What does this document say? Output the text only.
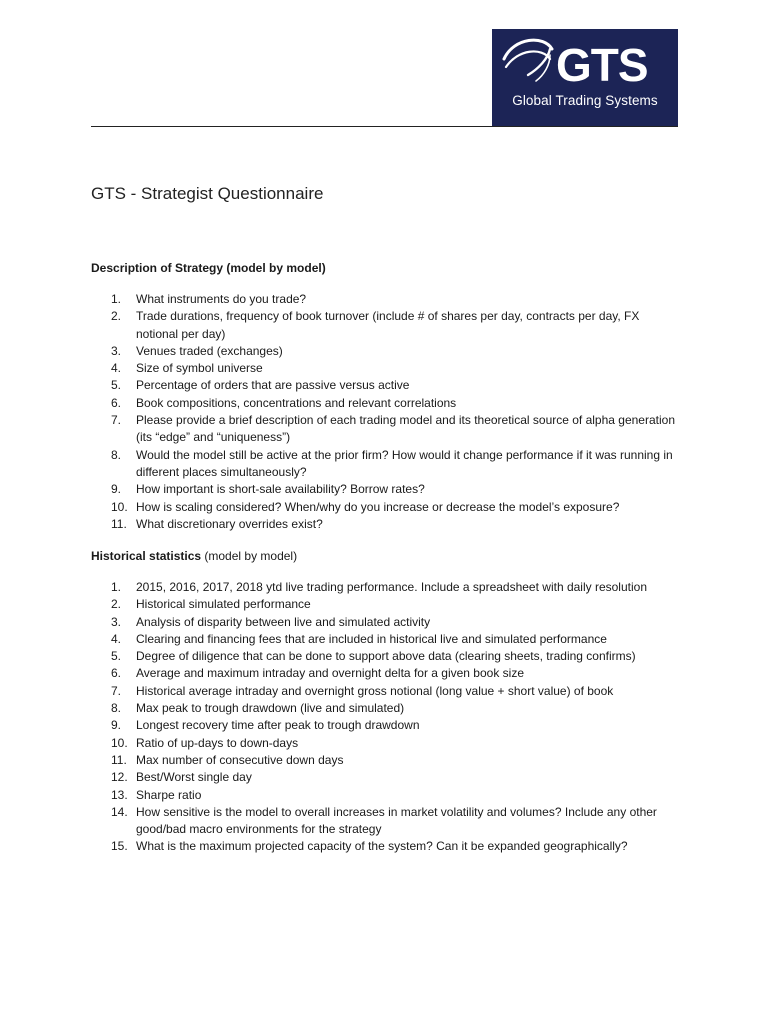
GTS
Global Trading Systems
GTS - Strategist Questionnaire

Description of Strategy (model by model)

1. What instruments do you trade?
2. Trade durations, frequency of book turnover (include # of shares per day, contracts per day, FX notional per day)
3. Venues traded (exchanges)
4. Size of symbol universe
5. Percentage of orders that are passive versus active
6. Book compositions, concentrations and relevant correlations
7. Please provide a brief description of each trading model and its theoretical source of alpha generation (its “edge” and “uniqueness”)
8. Would the model still be active at the prior firm? How would it change performance if it was running in different places simultaneously?
9. How important is short-sale availability? Borrow rates?
10. How is scaling considered? When/why do you increase or decrease the model’s exposure?
11. What discretionary overrides exist?

Historical statistics (model by model)

1. 2015, 2016, 2017, 2018 ytd live trading performance. Include a spreadsheet with daily resolution
2. Historical simulated performance
3. Analysis of disparity between live and simulated activity
4. Clearing and financing fees that are included in historical live and simulated performance
5. Degree of diligence that can be done to support above data (clearing sheets, trading confirms)
6. Average and maximum intraday and overnight delta for a given book size
7. Historical average intraday and overnight gross notional (long value + short value) of book
8. Max peak to trough drawdown (live and simulated)
9. Longest recovery time after peak to trough drawdown
10. Ratio of up-days to down-days
11. Max number of consecutive down days
12. Best/Worst single day
13. Sharpe ratio
14. How sensitive is the model to overall increases in market volatility and volumes? Include any other good/bad macro environments for the strategy
15. What is the maximum projected capacity of the system? Can it be expanded geographically?
